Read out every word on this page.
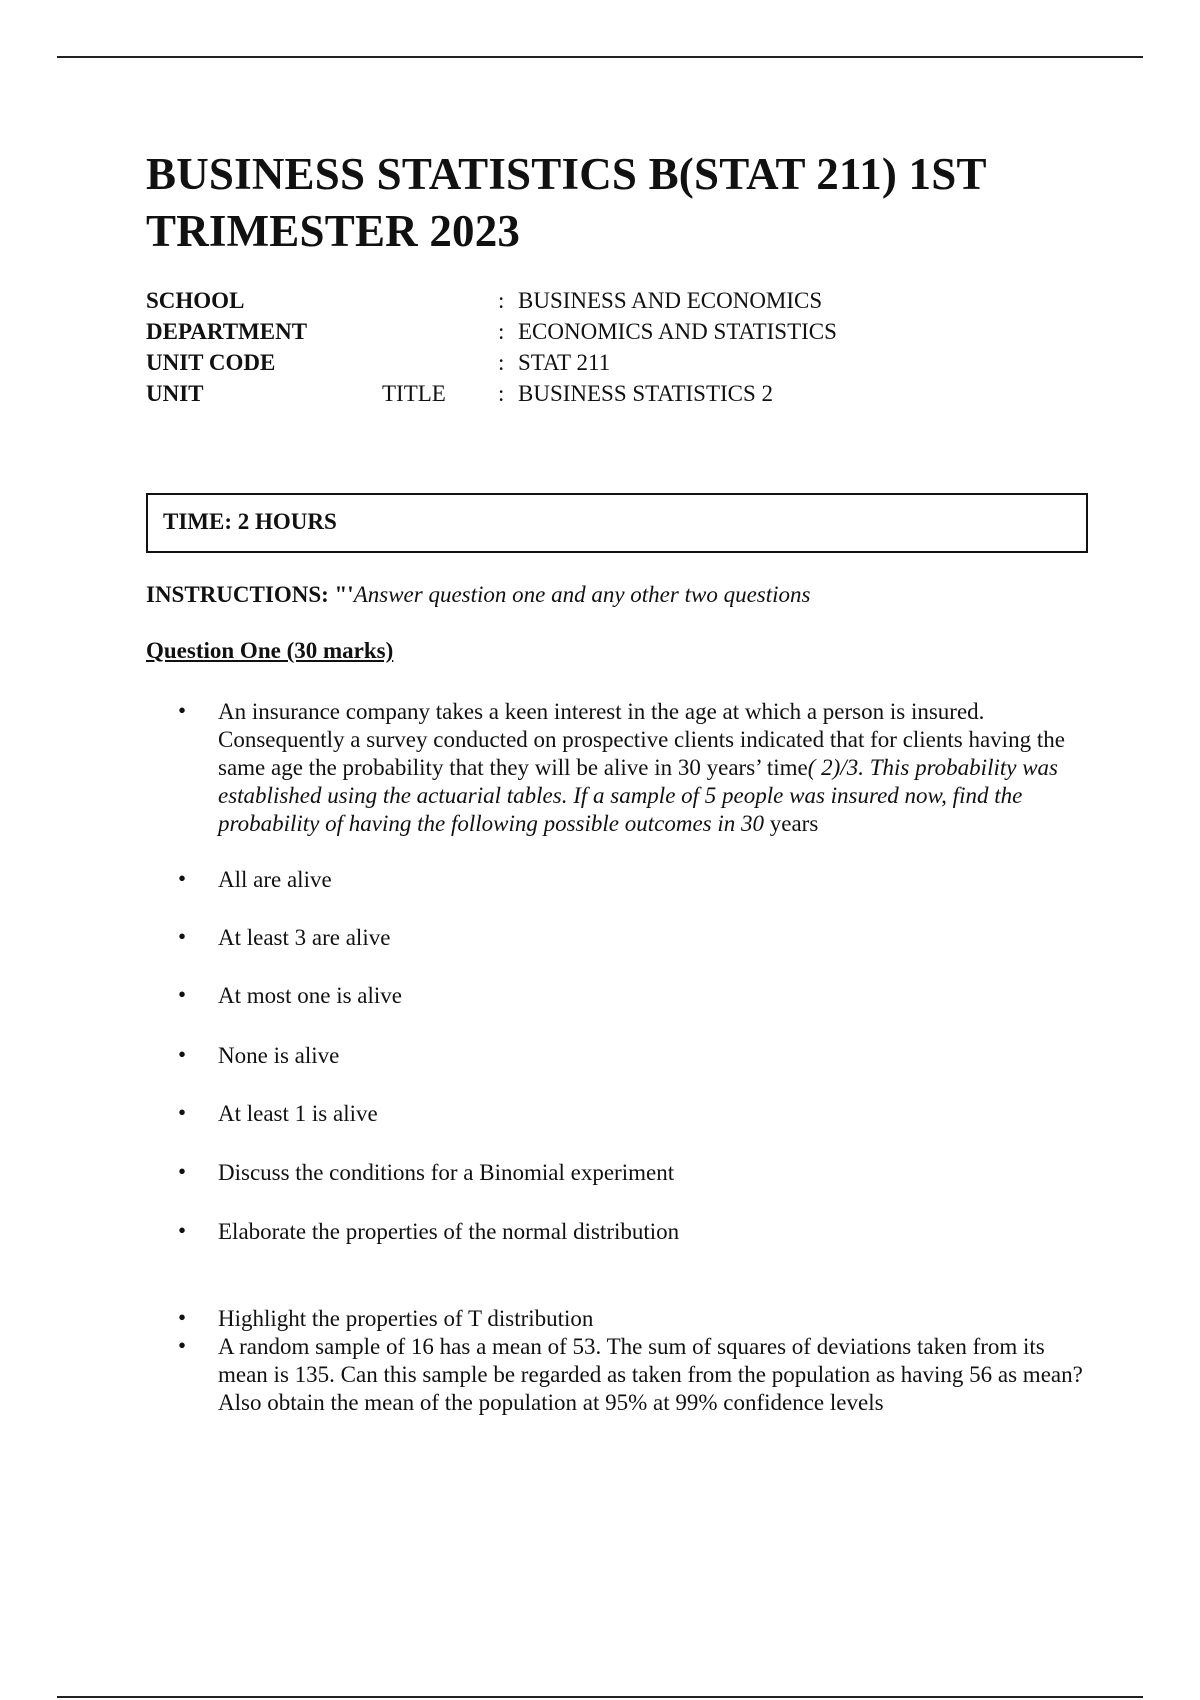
BUSINESS STATISTICS B(STAT 211) 1ST TRIMESTER 2023
SCHOOL	: BUSINESS AND ECONOMICS
DEPARTMENT	: ECONOMICS AND STATISTICS
UNIT CODE	: STAT 211
UNIT	TITLE : BUSINESS STATISTICS 2
TIME: 2 HOURS
INSTRUCTIONS: "'Answer question one and any other two questions
Question One (30 marks)
• An insurance company takes a keen interest in the age at which a person is insured. Consequently a survey conducted on prospective clients indicated that for clients having the same age the probability that they will be alive in 30 years’ time( 2)/3. This probability was established using the actuarial tables. If a sample of 5 people was insured now, find the probability of having the following possible outcomes in 30 years
• All are alive
• At least 3 are alive
• At most one is alive
• None is alive
• At least 1 is alive
• Discuss the conditions for a Binomial experiment
• Elaborate the properties of the normal distribution
• Highlight the properties of T distribution
• A random sample of 16 has a mean of 53. The sum of squares of deviations taken from its mean is 135. Can this sample be regarded as taken from the population as having 56 as mean? Also obtain the mean of the population at 95% at 99% confidence levels
